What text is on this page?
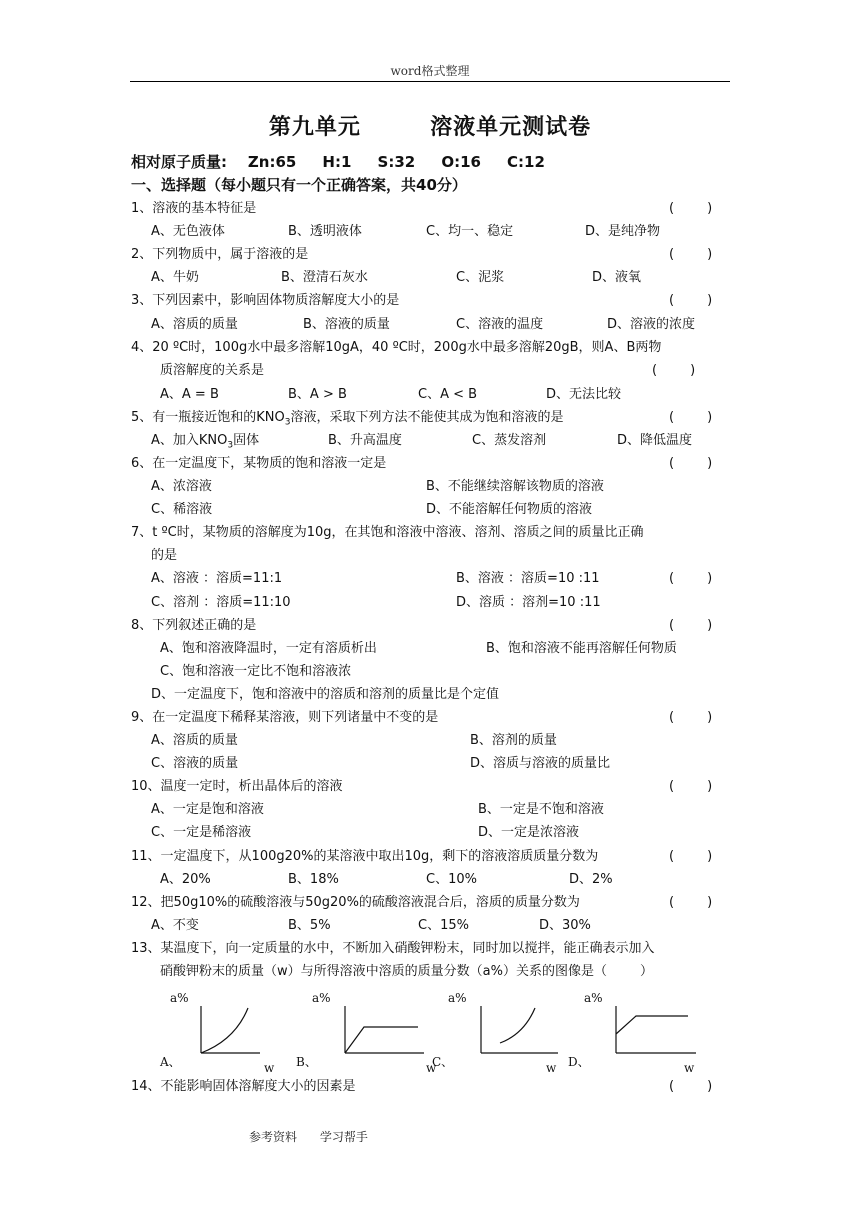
word格式整理
第九单元        溶液单元测试卷
相对原子质量:    Zn:65     H:1     S:32     O:16     C:12
一、选择题（每小题只有一个正确答案，共40分）
1、溶液的基本特征是	(        )
A、无色液体	B、透明液体	C、均一、稳定	D、是纯净物
2、下列物质中，属于溶液的是	(        )
A、牛奶	B、澄清石灰水	C、泥浆	D、液氧
3、下列因素中，影响固体物质溶解度大小的是	(        )
A、溶质的质量	B、溶液的质量	C、溶液的温度	D、溶液的浓度
4、20 ºC时，100g水中最多溶解10gA，40 ºC时，200g水中最多溶解20gB，则A、B两物
质溶解度的关系是	(        )
A、A = B	B、A > B	C、A < B	D、无法比较
5、有一瓶接近饱和的$KNO_3$溶液，采取下列方法不能使其成为饱和溶液的是	(        )
A、加入$KNO_3$固体	B、升高温度	C、蒸发溶剂	D、降低温度
6、在一定温度下，某物质的饱和溶液一定是	(        )
A、浓溶液	B、不能继续溶解该物质的溶液
C、稀溶液	D、不能溶解任何物质的溶液
7、t ºC时，某物质的溶解度为10g，在其饱和溶液中溶液、溶剂、溶质之间的质量比正确
的是
(        )
A、溶液 ：溶质=11:1	B、溶液 ：溶质=10 :11
C、溶剂 ：溶质=11:10	D、溶质 ：溶剂=10 :11
8、下列叙述正确的是	(        )
A、饱和溶液降温时，一定有溶质析出	B、饱和溶液不能再溶解任何物质
C、饱和溶液一定比不饱和溶液浓
D、一定温度下，饱和溶液中的溶质和溶剂的质量比是个定值
9、在一定温度下稀释某溶液，则下列诸量中不变的是	(        )
A、溶质的质量	B、溶剂的质量
C、溶液的质量	D、溶质与溶液的质量比
10、温度一定时，析出晶体后的溶液	(        )
A、一定是饱和溶液	B、一定是不饱和溶液
C、一定是稀溶液	D、一定是浓溶液
11、一定温度下，从100g20%的某溶液中取出10g，剩下的溶液溶质质量分数为	(        )
A、20%	B、18%	C、10%	D、2%
12、把50g10%的硫酸溶液与50g20%的硫酸溶液混合后，溶质的质量分数为	(        )
A、不变	B、5%	C、15%	D、30%
13、某温度下，向一定质量的水中，不断加入硝酸钾粉末，同时加以搅拌，能正确表示加入
硝酸钾粉末的质量（w）与所得溶液中溶质的质量分数（a%）关系的图像是（        ）
a%
A、	w
a%
B、	w
a%
C、	w
a%
D、	w
14、不能影响固体溶解度大小的因素是	(        )
参考资料      学习帮手
